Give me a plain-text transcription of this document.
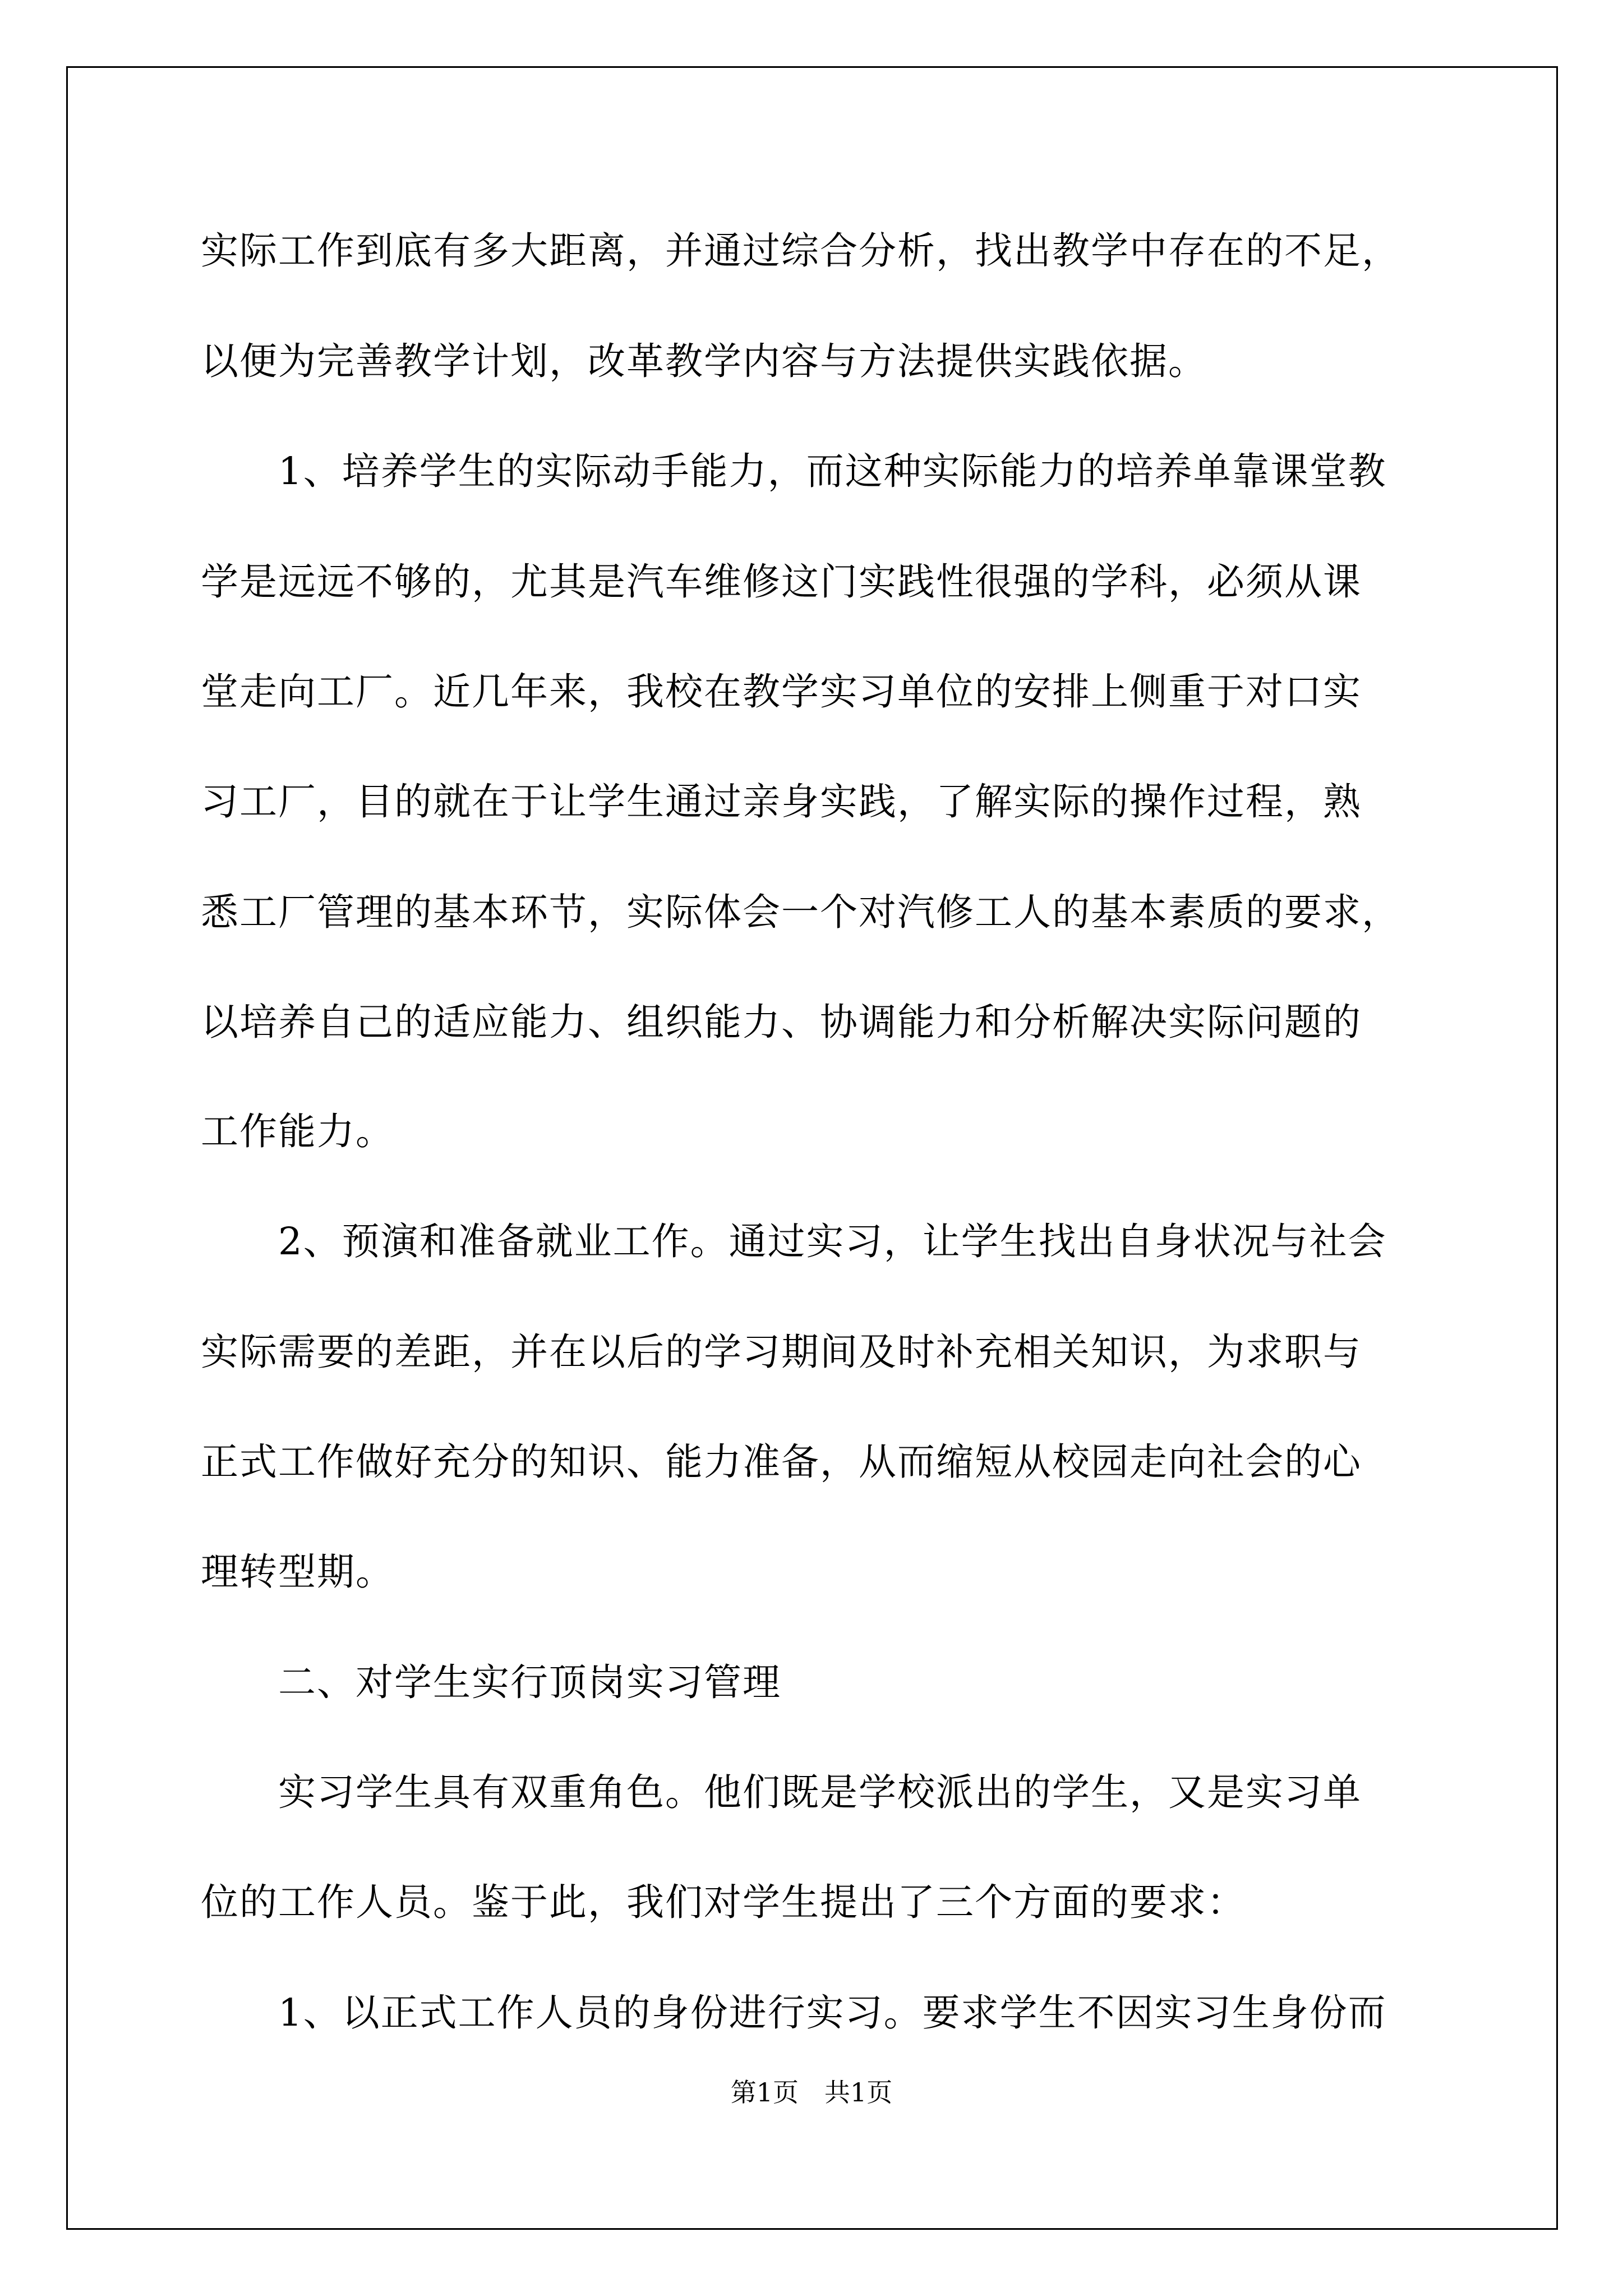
实际工作到底有多大距离，并通过综合分析，找出教学中存在的不足，
以便为完善教学计划，改革教学内容与方法提供实践依据。
　　1、培养学生的实际动手能力，而这种实际能力的培养单靠课堂教
学是远远不够的，尤其是汽车维修这门实践性很强的学科，必须从课
堂走向工厂。近几年来，我校在教学实习单位的安排上侧重于对口实
习工厂，目的就在于让学生通过亲身实践，了解实际的操作过程，熟
悉工厂管理的基本环节，实际体会一个对汽修工人的基本素质的要求，
以培养自己的适应能力、组织能力、协调能力和分析解决实际问题的
工作能力。
　　2、预演和准备就业工作。通过实习，让学生找出自身状况与社会
实际需要的差距，并在以后的学习期间及时补充相关知识，为求职与
正式工作做好充分的知识、能力准备，从而缩短从校园走向社会的心
理转型期。
　　二、对学生实行顶岗实习管理
　　实习学生具有双重角色。他们既是学校派出的学生，又是实习单
位的工作人员。鉴于此，我们对学生提出了三个方面的要求：
　　1、以正式工作人员的身份进行实习。要求学生不因实习生身份而
第1页　共1页
